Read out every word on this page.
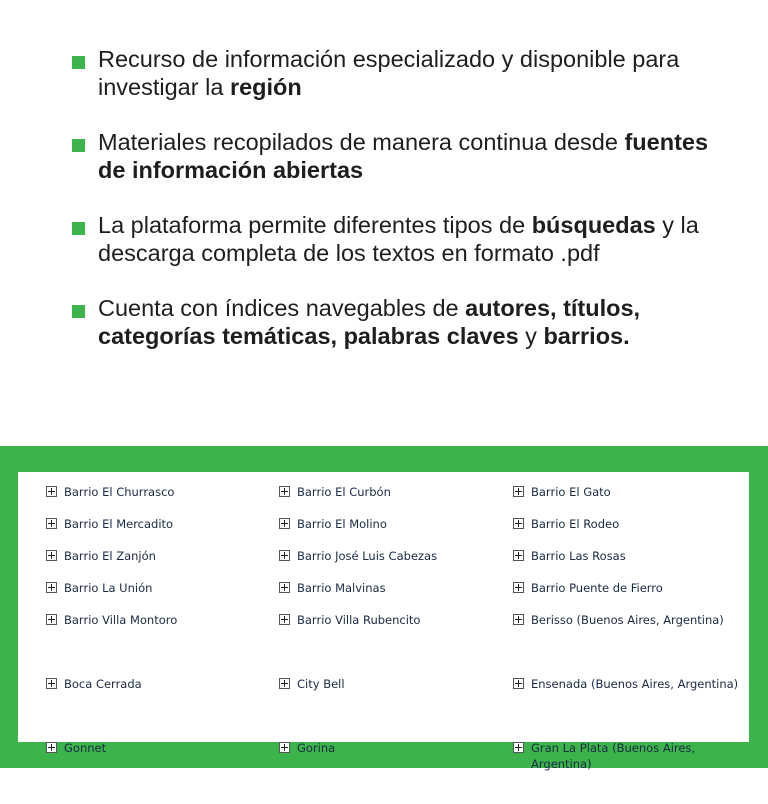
Recurso de información especializado y disponible para investigar la región
Materiales recopilados de manera continua desde fuentes de información abiertas
La plataforma permite diferentes tipos de búsquedas y la descarga completa de los textos en formato .pdf
Cuenta con índices navegables de autores, títulos, categorías temáticas, palabras claves y barrios.
Barrio El Churrasco	Barrio El Curbón	Barrio El Gato
Barrio El Mercadito	Barrio El Molino	Barrio El Rodeo
Barrio El Zanjón	Barrio José Luis Cabezas	Barrio Las Rosas
Barrio La Unión	Barrio Malvinas	Barrio Puente de Fierro
Barrio Villa Montoro	Barrio Villa Rubencito	Berisso (Buenos Aires, Argentina)
Boca Cerrada	City Bell	Ensenada (Buenos Aires, Argentina)
Gonnet	Gorina	Gran La Plata (Buenos Aires, Argentina)
